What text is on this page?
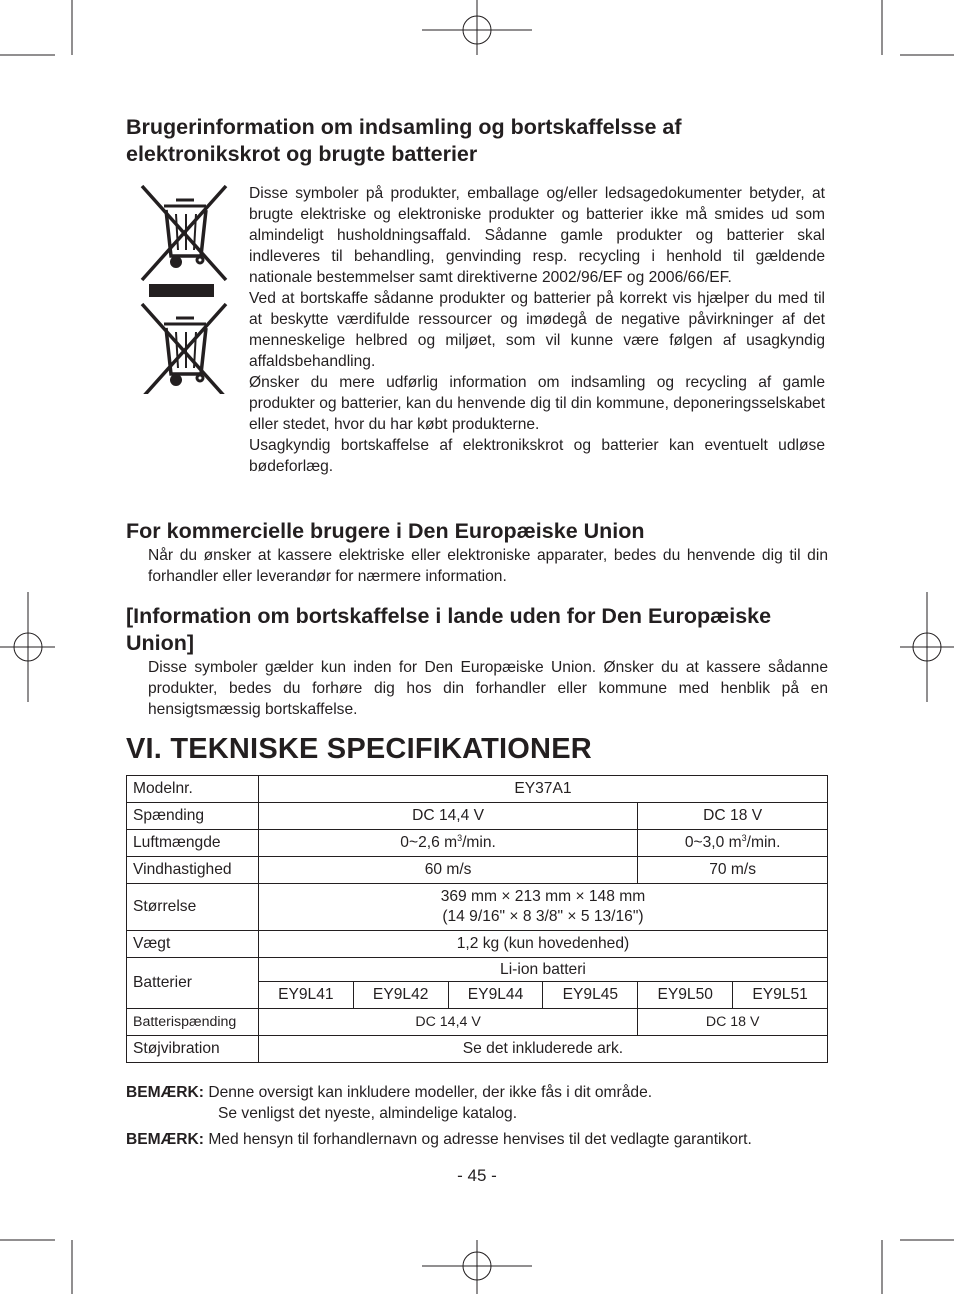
Brugerinformation om indsamling og bortskaffelsse af
elektronikskrot og brugte batterier

Disse symboler på produkter, emballage og/eller ledsagedokumenter betyder, at brugte elektriske og elektroniske produkter og batterier ikke må smides ud som almindeligt husholdningsaffald. Sådanne gamle produkter og batterier skal indleveres til behandling, genvinding resp. recycling i henhold til gældende nationale bestemmelser samt direktiverne 2002/96/EF og 2006/66/EF.

Ved at bortskaffe sådanne produkter og batterier på korrekt vis hjælper du med til at beskytte værdifulde ressourcer og imødegå de negative påvirkninger af det menneskelige helbred og miljøet, som vil kunne være følgen af usagkyndig affaldsbehandling.

Ønsker du mere udførlig information om indsamling og recycling af gamle produkter og batterier, kan du henvende dig til din kommune, deponeringsselskabet eller stedet, hvor du har købt produkterne.

Usagkyndig bortskaffelse af elektronikskrot og batterier kan eventuelt udløse bødeforlæg.

For kommercielle brugere i Den Europæiske Union

Når du ønsker at kassere elektriske eller elektroniske apparater, bedes du henvende dig til din forhandler eller leverandør for nærmere information.

[Information om bortskaffelse i lande uden for Den Europæiske
Union]

Disse symboler gælder kun inden for Den Europæiske Union. Ønsker du at kassere sådanne produkter, bedes du forhøre dig hos din forhandler eller kommune med henblik på en hensigtsmæssig bortskaffelse.

VI. TEKNISKE SPECIFIKATIONER
Modelnr.	EY37A1					
Spænding	DC 14,4 V				DC 18 V	
Luftmængde	0~2,6 $m^3/\min$.				0~3,0 $m^3/\min$.	
Vindhastighed	60 m/s				70 m/s	
Størrelse	369 mm × 213 mm × 148 mm
(14 9/16" × 8 3/8" × 5 13/16")					
Vægt	1,2 kg (kun hovedenhed)					
Batterier	Li-ion batteri					
	EY9L41	EY9L42	EY9L44	EY9L45	EY9L50	EY9L51
Batterispænding	DC 14,4 V				DC 18 V	
Støjvibration	Se det inkluderede ark.					
BEMÆRK: Denne oversigt kan inkludere modeller, der ikke fås i dit område.
Se venligst det nyeste, almindelige katalog.
BEMÆRK: Med hensyn til forhandlernavn og adresse henvises til det vedlagte garantikort.
- 45 -
